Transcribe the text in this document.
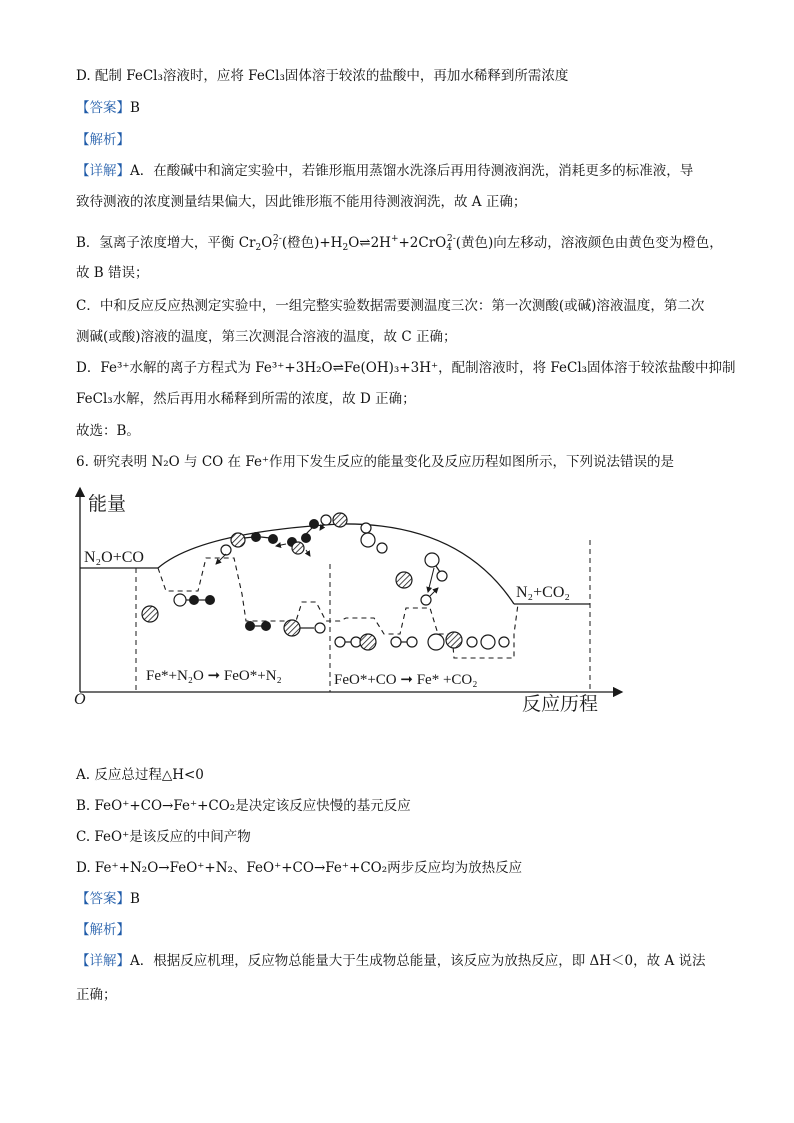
D. 配制 FeCl₃溶液时，应将 FeCl₃固体溶于较浓的盐酸中，再加水稀释到所需浓度
【答案】B
【解析】
【详解】A．在酸碱中和滴定实验中，若锥形瓶用蒸馏水洗涤后再用待测液润洗，消耗更多的标准液，导
致待测液的浓度测量结果偏大，因此锥形瓶不能用待测液润洗，故 A 正确；
B．氢离子浓度增大，平衡 $Cr_2O_7^{2-}$(橙色)$+H_2O\rightleftharpoons 2H^++2CrO_4^{2-}$(黄色)向左移动，溶液颜色由黄色变为橙色，
故 B 错误；
C．中和反应反应热测定实验中，一组完整实验数据需要测温度三次：第一次测酸(或碱)溶液温度，第二次
测碱(或酸)溶液的温度，第三次测混合溶液的温度，故 C 正确；
D．Fe³⁺水解的离子方程式为 Fe³⁺+3H₂O⇌Fe(OH)₃+3H⁺，配制溶液时，将 FeCl₃固体溶于较浓盐酸中抑制
FeCl₃水解，然后再用水稀释到所需的浓度，故 D 正确；
故选：B。
6. 研究表明 N₂O 与 CO 在 Fe⁺作用下发生反应的能量变化及反应历程如图所示，下列说法错误的是
能量
反应历程
O
N₂O+CO
N₂+CO₂
Fe*+N₂O ➞ FeO*+N₂	FeO*+CO ➞ Fe* +CO₂
A. 反应总过程△H<0
B. FeO⁺+CO→Fe⁺+CO₂是决定该反应快慢的基元反应
C. FeO⁺是该反应的中间产物
D. Fe⁺+N₂O→FeO⁺+N₂、FeO⁺+CO→Fe⁺+CO₂两步反应均为放热反应
【答案】B
【解析】
【详解】A．根据反应机理，反应物总能量大于生成物总能量，该反应为放热反应，即 ΔH＜0，故 A 说法
正确；
